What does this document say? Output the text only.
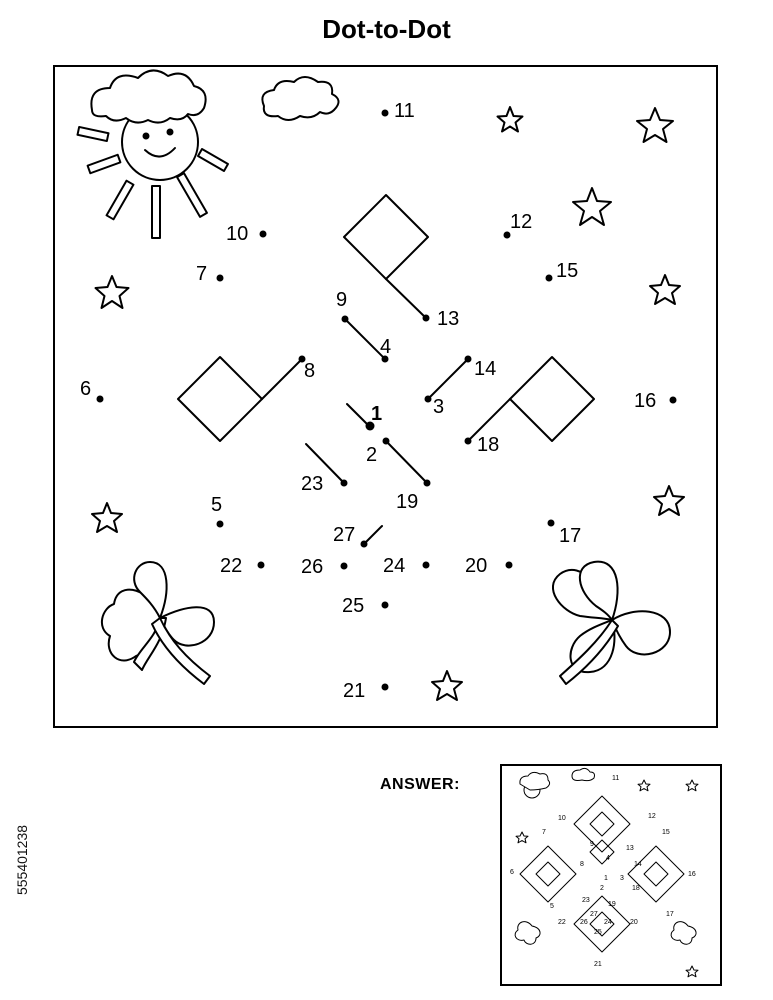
Dot-to-Dot
1
2
3
4
5
6
7
8
9
10
11
12
13
14
15
16
17
18
19
20
21
22
23
24
25
26
27
ANSWER:	11
12
10
7	15
9
13
4
8	14
6	16
1 3
2	18
23
19
5
27	17
22 26 24	20
25
21
555401238
